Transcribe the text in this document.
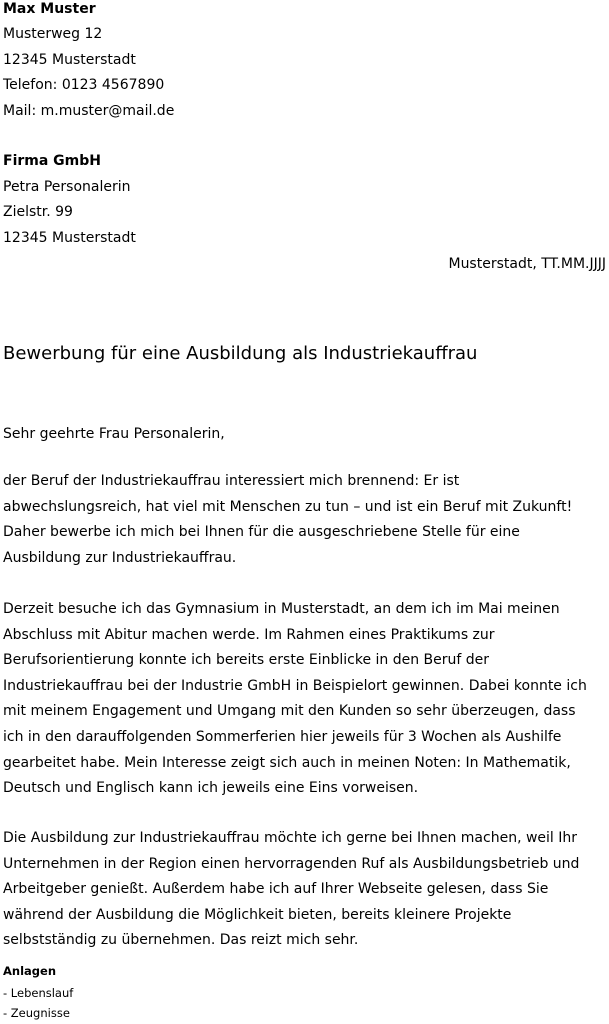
Max Muster
Musterweg 12
12345 Musterstadt
Telefon: 0123 4567890
Mail: m.muster@mail.de
Firma GmbH
Petra Personalerin
Zielstr. 99
12345 Musterstadt
Musterstadt, TT.MM.JJJJ
Bewerbung für eine Ausbildung als Industriekauffrau
Sehr geehrte Frau Personalerin,
der Beruf der Industriekauffrau interessiert mich brennend: Er ist
abwechslungsreich, hat viel mit Menschen zu tun – und ist ein Beruf mit Zukunft!
Daher bewerbe ich mich bei Ihnen für die ausgeschriebene Stelle für eine
Ausbildung zur Industriekauffrau.
Derzeit besuche ich das Gymnasium in Musterstadt, an dem ich im Mai meinen
Abschluss mit Abitur machen werde. Im Rahmen eines Praktikums zur
Berufsorientierung konnte ich bereits erste Einblicke in den Beruf der
Industriekauffrau bei der Industrie GmbH in Beispielort gewinnen. Dabei konnte ich
mit meinem Engagement und Umgang mit den Kunden so sehr überzeugen, dass
ich in den darauffolgenden Sommerferien hier jeweils für 3 Wochen als Aushilfe
gearbeitet habe. Mein Interesse zeigt sich auch in meinen Noten: In Mathematik,
Deutsch und Englisch kann ich jeweils eine Eins vorweisen.
Die Ausbildung zur Industriekauffrau möchte ich gerne bei Ihnen machen, weil Ihr
Unternehmen in der Region einen hervorragenden Ruf als Ausbildungsbetrieb und
Arbeitgeber genießt. Außerdem habe ich auf Ihrer Webseite gelesen, dass Sie
während der Ausbildung die Möglichkeit bieten, bereits kleinere Projekte
selbstständig zu übernehmen. Das reizt mich sehr.
Anlagen
- Lebenslauf
- Zeugnisse
